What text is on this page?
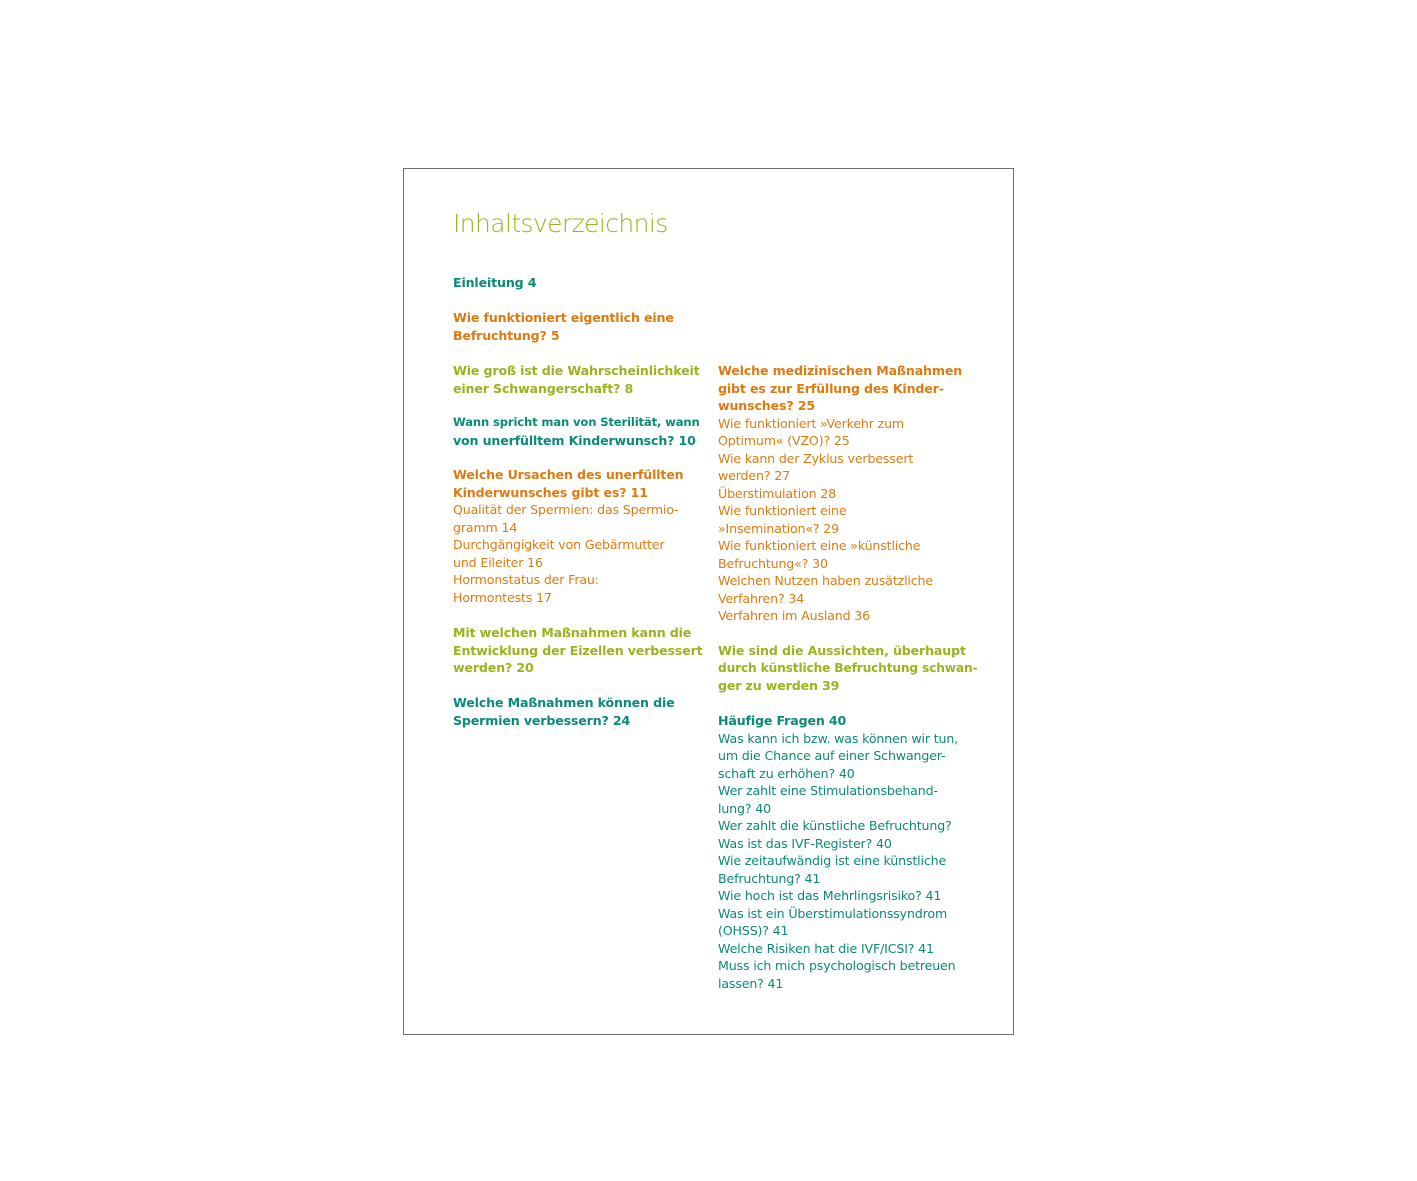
Inhaltsverzeichnis
Einleitung 4
Wie funktioniert eigentlich eine
Befruchtung? 5
Wie groß ist die Wahrscheinlichkeit
einer Schwangerschaft? 8
Wann spricht man von Sterilität, wann
von unerfülltem Kinderwunsch? 10
Welche Ursachen des unerfüllten
Kinderwunsches gibt es? 11
Qualität der Spermien: das Spermio-
gramm 14
Durchgängigkeit von Gebärmutter
und Eileiter 16
Hormonstatus der Frau:
Hormontests 17
Mit welchen Maßnahmen kann die
Entwicklung der Eizellen verbessert
werden? 20
Welche Maßnahmen können die
Spermien verbessern? 24
Welche medizinischen Maßnahmen
gibt es zur Erfüllung des Kinder-
wunsches? 25
Wie funktioniert »Verkehr zum
Optimum« (VZO)? 25
Wie kann der Zyklus verbessert
werden? 27
Überstimulation 28
Wie funktioniert eine
»Insemination«? 29
Wie funktioniert eine »künstliche
Befruchtung«? 30
Welchen Nutzen haben zusätzliche
Verfahren? 34
Verfahren im Ausland 36
Wie sind die Aussichten, überhaupt
durch künstliche Befruchtung schwan-
ger zu werden 39
Häufige Fragen 40
Was kann ich bzw. was können wir tun,
um die Chance auf einer Schwanger-
schaft zu erhöhen? 40
Wer zahlt eine Stimulationsbehand-
lung? 40
Wer zahlt die künstliche Befruchtung?
Was ist das IVF-Register? 40
Wie zeitaufwändig ist eine künstliche
Befruchtung? 41
Wie hoch ist das Mehrlingsrisiko? 41
Was ist ein Überstimulationssyndrom
(OHSS)? 41
Welche Risiken hat die IVF/ICSI? 41
Muss ich mich psychologisch betreuen
lassen? 41
